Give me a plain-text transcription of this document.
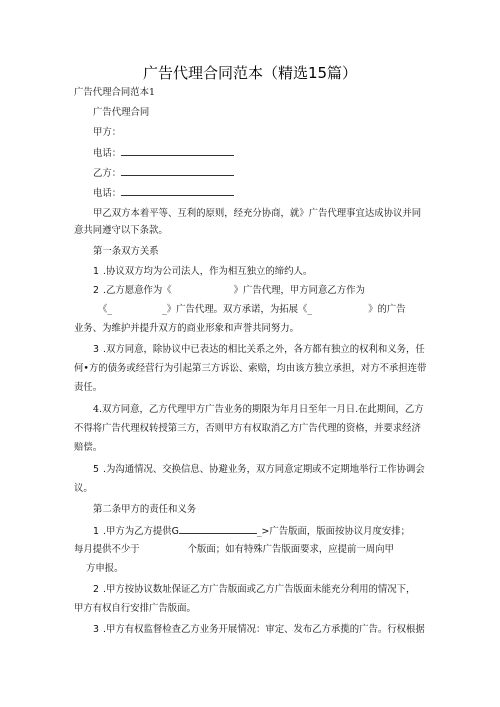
广告代理合同范本（精选15篇）
广告代理合同范本1
广告代理合同
甲方：
电话：
乙方：
电话：
甲乙双方本着平等、互利的原则，经充分协商，就》广告代理事宜达成协议并同
意共同遵守以下条款。
第一条双方关系
1 .协议双方均为公司法人，作为相互独立的缔约人。
2 .乙方愿意作为《	》广告代理，甲方同意乙方作为
《_	_》广告代理。双方承诺，为拓展《_	》的广告
业务、为维护并提升双方的商业形象和声誉共同努力。
3 .双方同意，除协议中已表达的相比关系之外，各方都有独立的权利和义务，任
何•方的债务或经营行为引起第三方诉讼、索赔，均由该方独立承担，对方不承担连带
责任。
4.双方同意，乙方代理甲方广告业务的期限为年月日至年一月日.在此期间，乙方
不得将广告代理权转授第三方，否则甲方有权取消乙方广告代理的资格，并要求经济
赔偿。
5 .为沟通情况、交换信息、协避业务，双方同意定期或不定期地举行工作协调会
议。
第二条甲方的责任和义务
1 .甲方为乙方提供G	_>广告版面，版面按协议月度安排；
每月提供不少于	个版面；如有特殊广告版面要求，应提前一周向甲
方申报。
2 .甲方按协议数址保证乙方广告版面或乙方广告版面未能充分利用的情况下，
甲方有权自行安排广告版面。
3 .甲方有权监督检查乙方业务开展情况：审定、发布乙方承揽的广告。行权根据
